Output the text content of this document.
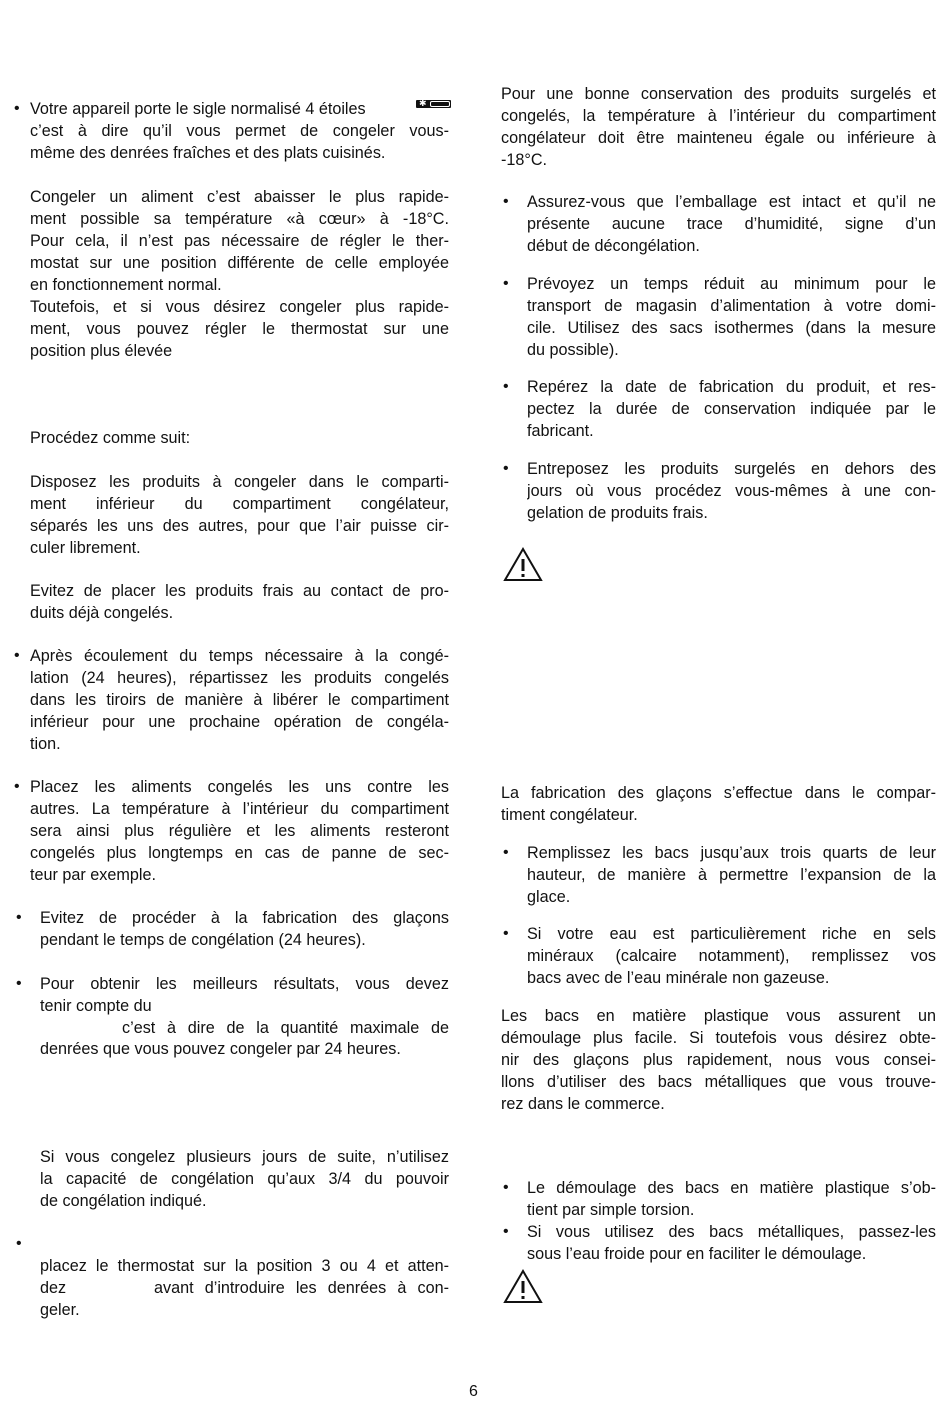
• Votre appareil porte le sigle normalisé 4 étoiles	✱
c’est à dire qu’il vous permet de congeler vous-
même des denrées fraîches et des plats cuisinés.
Congeler un aliment c’est abaisser le plus rapide-
ment possible sa température «à cœur» à -18°C.
Pour cela, il n’est pas nécessaire de régler le ther-
mostat sur une position différente de celle employée
en fonctionnement normal.
Toutefois, et si vous désirez congeler plus rapide-
ment, vous pouvez régler le thermostat sur une
position plus élevée
Procédez comme suit:
Disposez les produits à congeler dans le comparti-
ment inférieur du compartiment congélateur,
séparés les uns des autres, pour que l’air puisse cir-
culer librement.
Evitez de placer les produits frais au contact de pro-
duits déjà congelés.
• Après écoulement du temps nécessaire à la congé-
lation (24 heures), répartissez les produits congelés
dans les tiroirs de manière à libérer le compartiment
inférieur pour une prochaine opération de congéla-
tion.
• Placez les aliments congelés les uns contre les
autres. La température à l’intérieur du compartiment
sera ainsi plus régulière et les aliments resteront
congelés plus longtemps en cas de panne de sec-
teur par exemple.
• Evitez de procéder à la fabrication des glaçons
pendant le temps de congélation (24 heures).
• Pour obtenir les meilleurs résultats, vous devez
tenir compte du
c’est à dire de la quantité maximale de
denrées que vous pouvez congeler par 24 heures.
Si vous congelez plusieurs jours de suite, n’utilisez
la capacité de congélation qu’aux 3/4 du pouvoir
de congélation indiqué.
•
placez le thermostat sur la position 3 ou 4 et atten-
dez	avant d’introduire les denrées à con-
geler.
Pour une bonne conservation des produits surgelés et
congelés, la température à l’intérieur du compartiment
congélateur doit être mainteneu égale ou inférieure à
-18°C.
• Assurez-vous que l’emballage est intact et qu’il ne
présente aucune trace d’humidité, signe d’un
début de décongélation.
• Prévoyez un temps réduit au minimum pour le
transport de magasin d’alimentation à votre domi-
cile. Utilisez des sacs isothermes (dans la mesure
du possible).
• Repérez la date de fabrication du produit, et res-
pectez la durée de conservation indiquée par le
fabricant.
• Entreposez les produits surgelés en dehors des
jours où vous procédez vous-mêmes à une con-
gelation de produits frais.
La fabrication des glaçons s’effectue dans le compar-
timent congélateur.
• Remplissez les bacs jusqu’aux trois quarts de leur
hauteur, de manière à permettre l’expansion de la
glace.
• Si votre eau est particulièrement riche en sels
minéraux (calcaire notamment), remplissez vos
bacs avec de l’eau minérale non gazeuse.
Les bacs en matière plastique vous assurent un
démoulage plus facile. Si toutefois vous désirez obte-
nir des glaçons plus rapidement, nous vous consei-
llons d’utiliser des bacs métalliques que vous trouve-
rez dans le commerce.
• Le démoulage des bacs en matière plastique s’ob-
tient par simple torsion.
• Si vous utilisez des bacs métalliques, passez-les
sous l’eau froide pour en faciliter le démoulage.
6
